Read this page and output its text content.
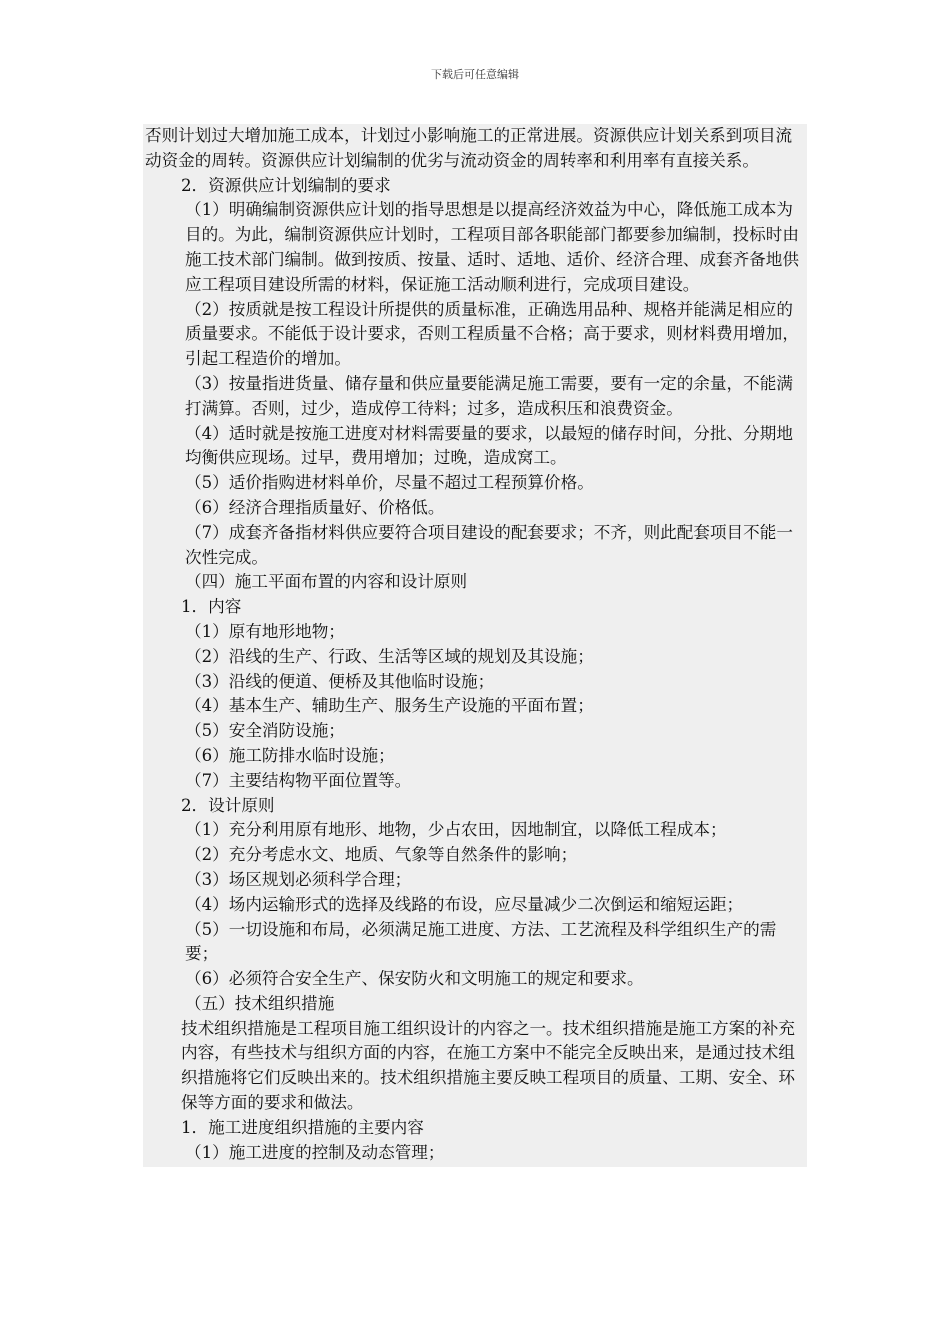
下载后可任意编辑

否则计划过大增加施工成本，计划过小影响施工的正常进展。资源供应计划关系到项目流动资金的周转。资源供应计划编制的优劣与流动资金的周转率和利用率有直接关系。

2．资源供应计划编制的要求

（1）明确编制资源供应计划的指导思想是以提高经济效益为中心，降低施工成本为目的。为此，编制资源供应计划时，工程项目部各职能部门都要参加编制，投标时由施工技术部门编制。做到按质、按量、适时、适地、适价、经济合理、成套齐备地供应工程项目建设所需的材料，保证施工活动顺利进行，完成项目建设。

（2）按质就是按工程设计所提供的质量标准，正确选用品种、规格并能满足相应的质量要求。不能低于设计要求，否则工程质量不合格；高于要求，则材料费用增加，引起工程造价的增加。

（3）按量指进货量、储存量和供应量要能满足施工需要，要有一定的余量，不能满打满算。否则，过少，造成停工待料；过多，造成积压和浪费资金。

（4）适时就是按施工进度对材料需要量的要求，以最短的储存时间，分批、分期地均衡供应现场。过早，费用增加；过晚，造成窝工。

（5）适价指购进材料单价，尽量不超过工程预算价格。

（6）经济合理指质量好、价格低。

（7）成套齐备指材料供应要符合项目建设的配套要求；不齐，则此配套项目不能一次性完成。

（四）施工平面布置的内容和设计原则

1．内容

（1）原有地形地物；

（2）沿线的生产、行政、生活等区域的规划及其设施；

（3）沿线的便道、便桥及其他临时设施；

（4）基本生产、辅助生产、服务生产设施的平面布置；

（5）安全消防设施；

（6）施工防排水临时设施；

（7）主要结构物平面位置等。

2．设计原则

（1）充分利用原有地形、地物，少占农田，因地制宜，以降低工程成本；

（2）充分考虑水文、地质、气象等自然条件的影响；

（3）场区规划必须科学合理；

（4）场内运输形式的选择及线路的布设，应尽量减少二次倒运和缩短运距；

（5）一切设施和布局，必须满足施工进度、方法、工艺流程及科学组织生产的需要；

（6）必须符合安全生产、保安防火和文明施工的规定和要求。

（五）技术组织措施

技术组织措施是工程项目施工组织设计的内容之一。技术组织措施是施工方案的补充内容，有些技术与组织方面的内容，在施工方案中不能完全反映出来，是通过技术组织措施将它们反映出来的。技术组织措施主要反映工程项目的质量、工期、安全、环保等方面的要求和做法。

1．施工进度组织措施的主要内容

（1）施工进度的控制及动态管理；
